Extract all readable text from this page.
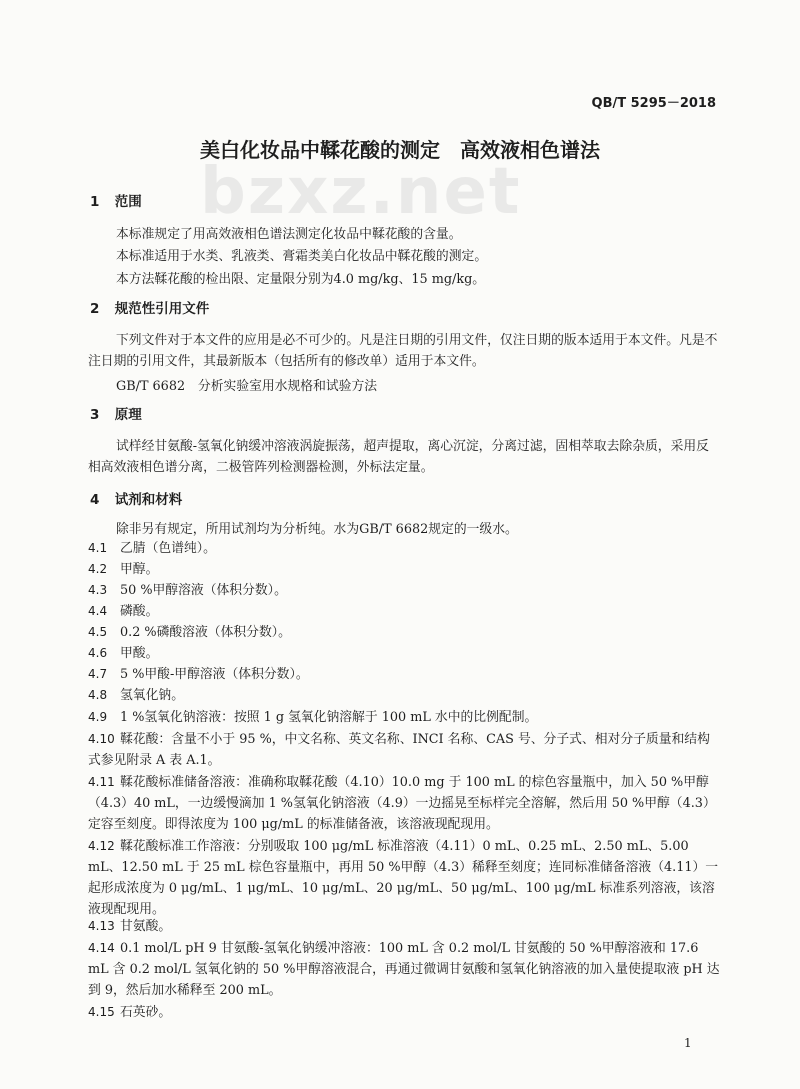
bzxz.net
QB/T 5295－2018
美白化妆品中鞣花酸的测定　高效液相色谱法
1 范围
本标准规定了用高效液相色谱法测定化妆品中鞣花酸的含量。
本标准适用于水类、乳液类、膏霜类美白化妆品中鞣花酸的测定。
本方法鞣花酸的检出限、定量限分别为4.0 mg/kg、15 mg/kg。
2 规范性引用文件
下列文件对于本文件的应用是必不可少的。凡是注日期的引用文件，仅注日期的版本适用于本文件。凡是不注日期的引用文件，其最新版本（包括所有的修改单）适用于本文件。
GB/T 6682　分析实验室用水规格和试验方法
3 原理
试样经甘氨酸-氢氧化钠缓冲溶液涡旋振荡，超声提取，离心沉淀，分离过滤，固相萃取去除杂质，采用反相高效液相色谱分离，二极管阵列检测器检测，外标法定量。
4 试剂和材料
除非另有规定，所用试剂均为分析纯。水为GB/T 6682规定的一级水。
4.1 乙腈（色谱纯）。
4.2 甲醇。
4.3 50 %甲醇溶液（体积分数）。
4.4 磷酸。
4.5 0.2 %磷酸溶液（体积分数）。
4.6 甲酸。
4.7 5 %甲酸-甲醇溶液（体积分数）。
4.8 氢氧化钠。
4.9 1 %氢氧化钠溶液：按照 1 g 氢氧化钠溶解于 100 mL 水中的比例配制。
4.10 鞣花酸：含量不小于 95 %，中文名称、英文名称、INCI 名称、CAS 号、分子式、相对分子质量和结构式参见附录 A 表 A.1。
4.11 鞣花酸标准储备溶液：准确称取鞣花酸（4.10）10.0 mg 于 100 mL 的棕色容量瓶中，加入 50 %甲醇（4.3）40 mL，一边缓慢滴加 1 %氢氧化钠溶液（4.9）一边摇晃至标样完全溶解，然后用 50 %甲醇（4.3）定容至刻度。即得浓度为 100 μg/mL 的标准储备液，该溶液现配现用。
4.12 鞣花酸标准工作溶液：分别吸取 100 μg/mL 标准溶液（4.11）0 mL、0.25 mL、2.50 mL、5.00 mL、12.50 mL 于 25 mL 棕色容量瓶中，再用 50 %甲醇（4.3）稀释至刻度；连同标准储备溶液（4.11）一起形成浓度为 0 μg/mL、1 μg/mL、10 μg/mL、20 μg/mL、50 μg/mL、100 μg/mL 标准系列溶液，该溶液现配现用。
4.13 甘氨酸。
4.14 0.1 mol/L pH 9 甘氨酸-氢氧化钠缓冲溶液：100 mL 含 0.2 mol/L 甘氨酸的 50 %甲醇溶液和 17.6 mL 含 0.2 mol/L 氢氧化钠的 50 %甲醇溶液混合，再通过微调甘氨酸和氢氧化钠溶液的加入量使提取液 pH 达到 9，然后加水稀释至 200 mL。
4.15 石英砂。
1
